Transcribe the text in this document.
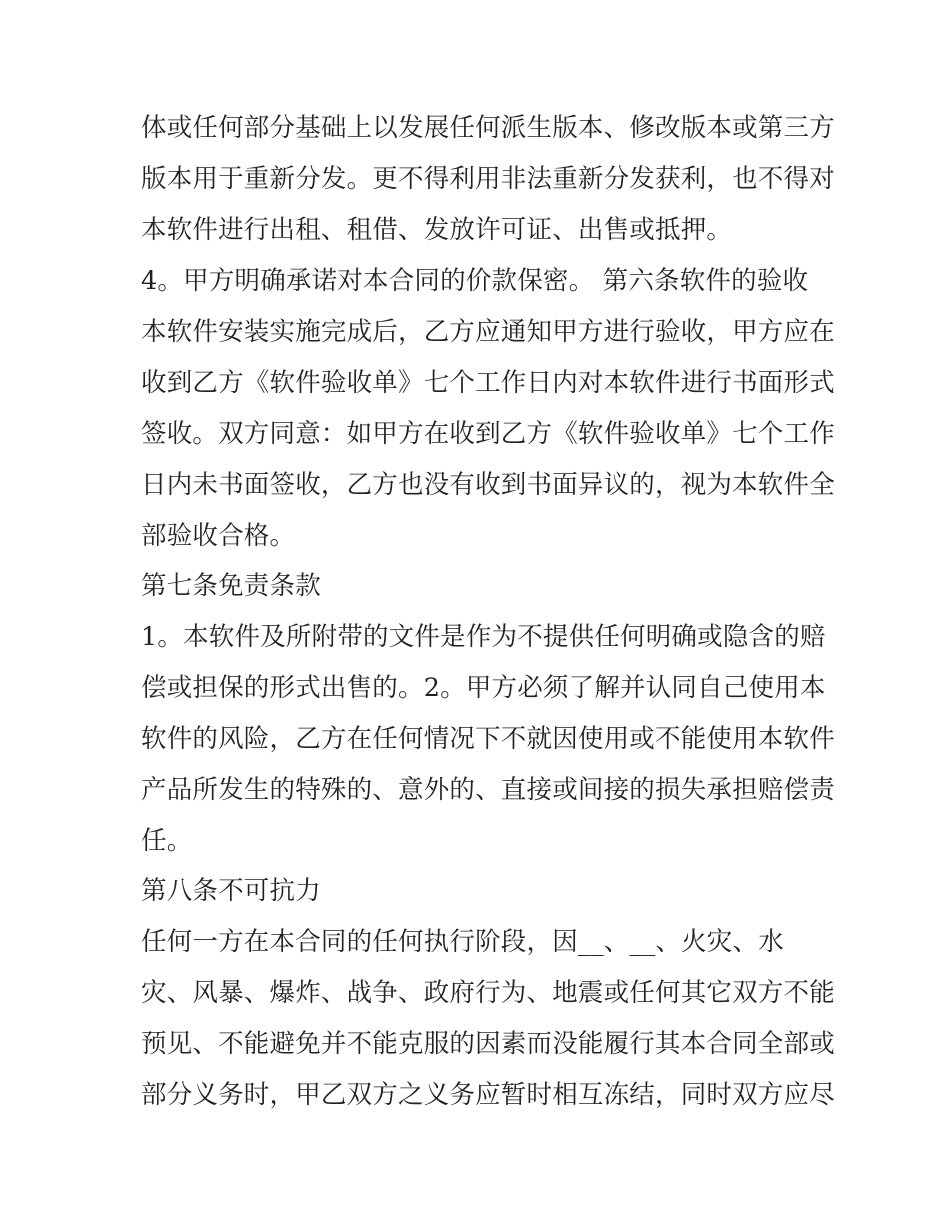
体或任何部分基础上以发展任何派生版本、修改版本或第三方
版本用于重新分发。更不得利用非法重新分发获利，也不得对
本软件进行出租、租借、发放许可证、出售或抵押。
4。甲方明确承诺对本合同的价款保密。 第六条软件的验收
本软件安装实施完成后，乙方应通知甲方进行验收，甲方应在
收到乙方《软件验收单》七个工作日内对本软件进行书面形式
签收。双方同意：如甲方在收到乙方《软件验收单》七个工作
日内未书面签收，乙方也没有收到书面异议的，视为本软件全
部验收合格。
第七条免责条款
1。本软件及所附带的文件是作为不提供任何明确或隐含的赔
偿或担保的形式出售的。2。甲方必须了解并认同自己使用本
软件的风险，乙方在任何情况下不就因使用或不能使用本软件
产品所发生的特殊的、意外的、直接或间接的损失承担赔偿责
任。
第八条不可抗力
任何一方在本合同的任何执行阶段，因__、__、火灾、水
灾、风暴、爆炸、战争、政府行为、地震或任何其它双方不能
预见、不能避免并不能克服的因素而没能履行其本合同全部或
部分义务时，甲乙双方之义务应暂时相互冻结，同时双方应尽
